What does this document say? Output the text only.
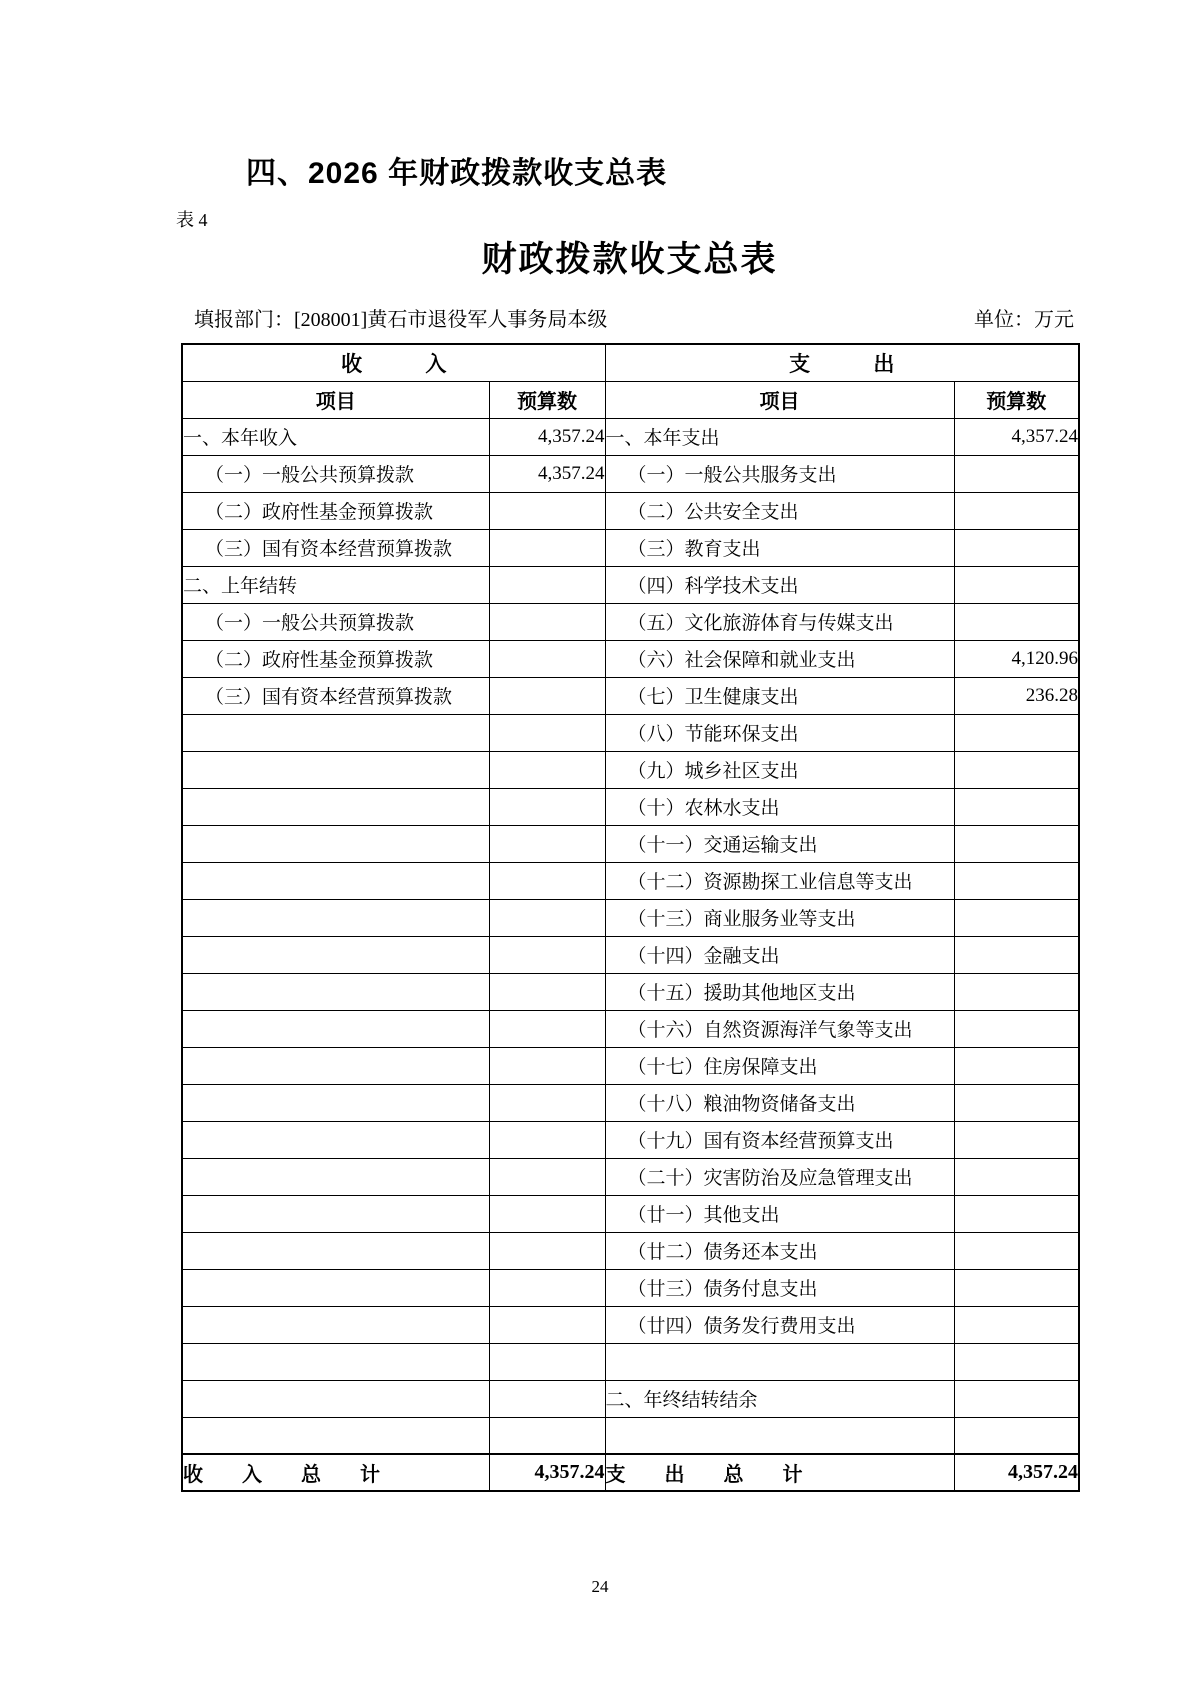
四、2026 年财政拨款收支总表
表 4
财政拨款收支总表
填报部门：[208001]黄石市退役军人事务局本级	单位：万元
收 入		支 出	
项目	预算数	项目	预算数
一、本年收入	4,357.24	一、本年支出	4,357.24
（一）一般公共预算拨款	4,357.24	（一）一般公共服务支出	
（二）政府性基金预算拨款		（二）公共安全支出	
（三）国有资本经营预算拨款		（三）教育支出	
二、上年结转		（四）科学技术支出	
（一）一般公共预算拨款		（五）文化旅游体育与传媒支出	
（二）政府性基金预算拨款		（六）社会保障和就业支出	4,120.96
（三）国有资本经营预算拨款		（七）卫生健康支出	236.28
		（八）节能环保支出	
		（九）城乡社区支出	
		（十）农林水支出	
		（十一）交通运输支出	
		（十二）资源勘探工业信息等支出	
		（十三）商业服务业等支出	
		（十四）金融支出	
		（十五）援助其他地区支出	
		（十六）自然资源海洋气象等支出	
		（十七）住房保障支出	
		（十八）粮油物资储备支出	
		（十九）国有资本经营预算支出	
		（二十）灾害防治及应急管理支出	
		（廿一）其他支出	
		（廿二）债务还本支出	
		（廿三）债务付息支出	
		（廿四）债务发行费用支出	

		二、年终结转结余	

收 入 总 计	4,357.24	支 出 总 计	4,357.24
24
